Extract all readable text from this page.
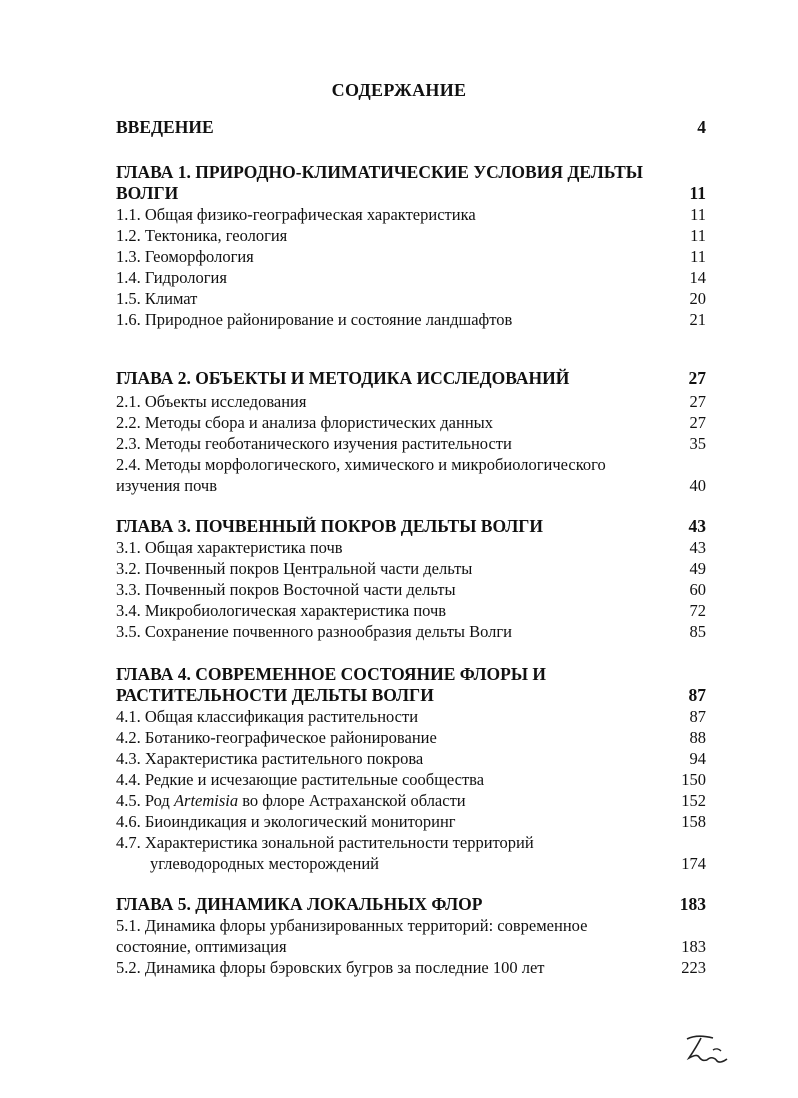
СОДЕРЖАНИЕ
ВВЕДЕНИЕ	4
ГЛАВА 1. ПРИРОДНО-КЛИМАТИЧЕСКИЕ УСЛОВИЯ ДЕЛЬТЫ
ВОЛГИ	11
1.1. Общая физико-географическая характеристика	11
1.2. Тектоника, геология	11
1.3. Геоморфология	11
1.4. Гидрология	14
1.5. Климат	20
1.6. Природное районирование и состояние ландшафтов	21
ГЛАВА 2. ОБЪЕКТЫ И МЕТОДИКА ИССЛЕДОВАНИЙ	27
2.1. Объекты исследования	27
2.2. Методы сбора и анализа флористических данных	27
2.3. Методы геоботанического изучения растительности	35
2.4. Методы морфологического, химического и микробиологического
изучения почв	40
ГЛАВА 3. ПОЧВЕННЫЙ ПОКРОВ ДЕЛЬТЫ ВОЛГИ	43
3.1. Общая характеристика почв	43
3.2. Почвенный покров Центральной части дельты	49
3.3. Почвенный покров Восточной части дельты	60
3.4. Микробиологическая характеристика почв	72
3.5. Сохранение почвенного разнообразия дельты Волги	85
ГЛАВА 4. СОВРЕМЕННОЕ СОСТОЯНИЕ ФЛОРЫ И
РАСТИТЕЛЬНОСТИ ДЕЛЬТЫ ВОЛГИ	87
4.1. Общая классификация растительности	87
4.2. Ботанико-географическое районирование	88
4.3. Характеристика растительного покрова	94
4.4. Редкие и исчезающие растительные сообщества	150
4.5. Род Artemisia во флоре Астраханской области	152
4.6. Биоиндикация и экологический мониторинг	158
4.7. Характеристика зональной растительности территорий
углеводородных месторождений	174
ГЛАВА 5. ДИНАМИКА ЛОКАЛЬНЫХ ФЛОР	183
5.1. Динамика флоры урбанизированных территорий: современное
состояние, оптимизация	183
5.2. Динамика флоры бэровских бугров за последние 100 лет	223
